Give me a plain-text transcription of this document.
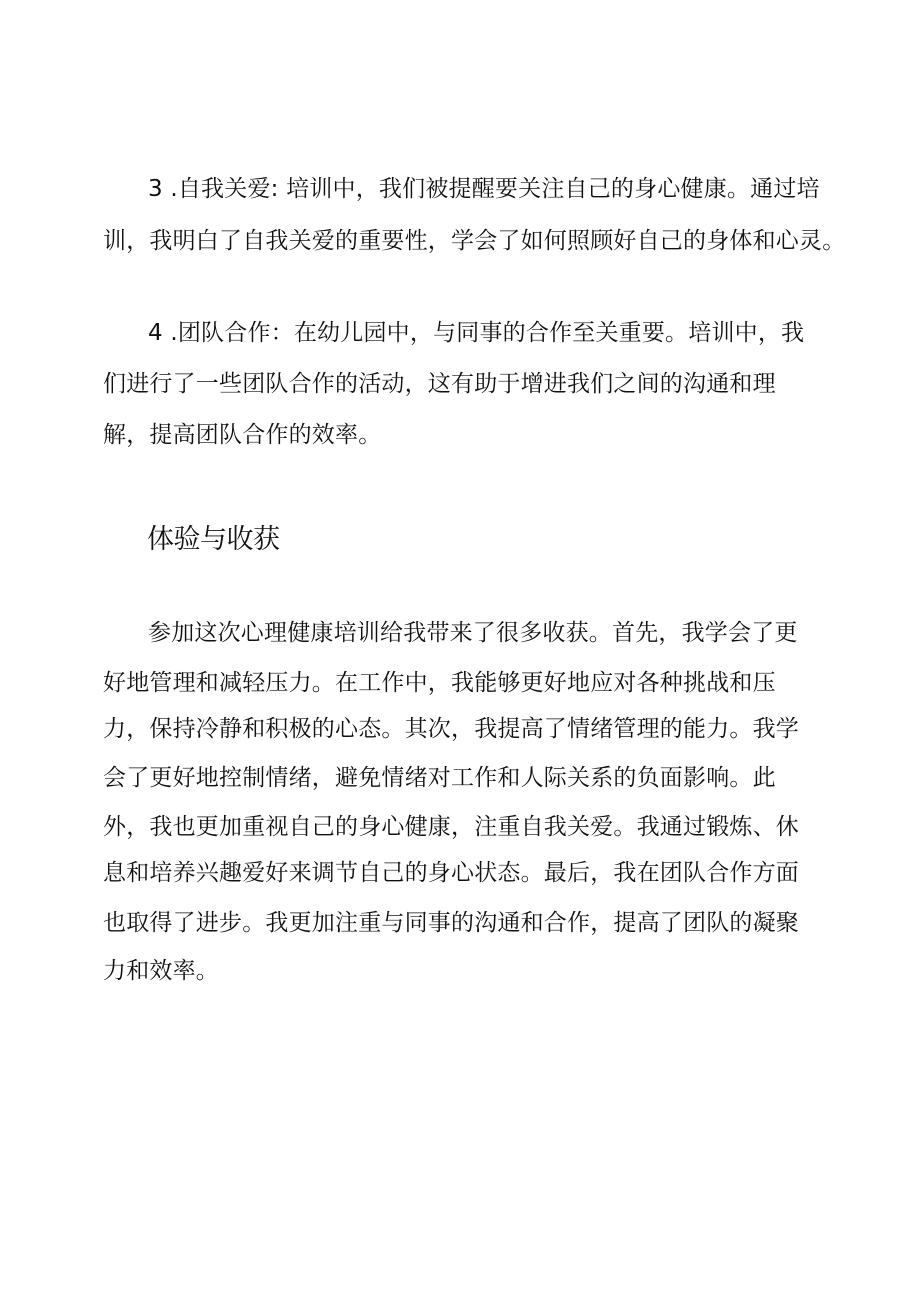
3 .自我关爱: 培训中，我们被提醒要关注自己的身心健康。通过培
训，我明白了自我关爱的重要性，学会了如何照顾好自己的身体和心灵。
4 .团队合作：在幼儿园中，与同事的合作至关重要。培训中，我
们进行了一些团队合作的活动，这有助于增进我们之间的沟通和理
解，提高团队合作的效率。
体验与收获
参加这次心理健康培训给我带来了很多收获。首先，我学会了更
好地管理和减轻压力。在工作中，我能够更好地应对各种挑战和压
力，保持冷静和积极的心态。其次，我提高了情绪管理的能力。我学
会了更好地控制情绪，避免情绪对工作和人际关系的负面影响。此
外，我也更加重视自己的身心健康，注重自我关爱。我通过锻炼、休
息和培养兴趣爱好来调节自己的身心状态。最后，我在团队合作方面
也取得了进步。我更加注重与同事的沟通和合作，提高了团队的凝聚
力和效率。
